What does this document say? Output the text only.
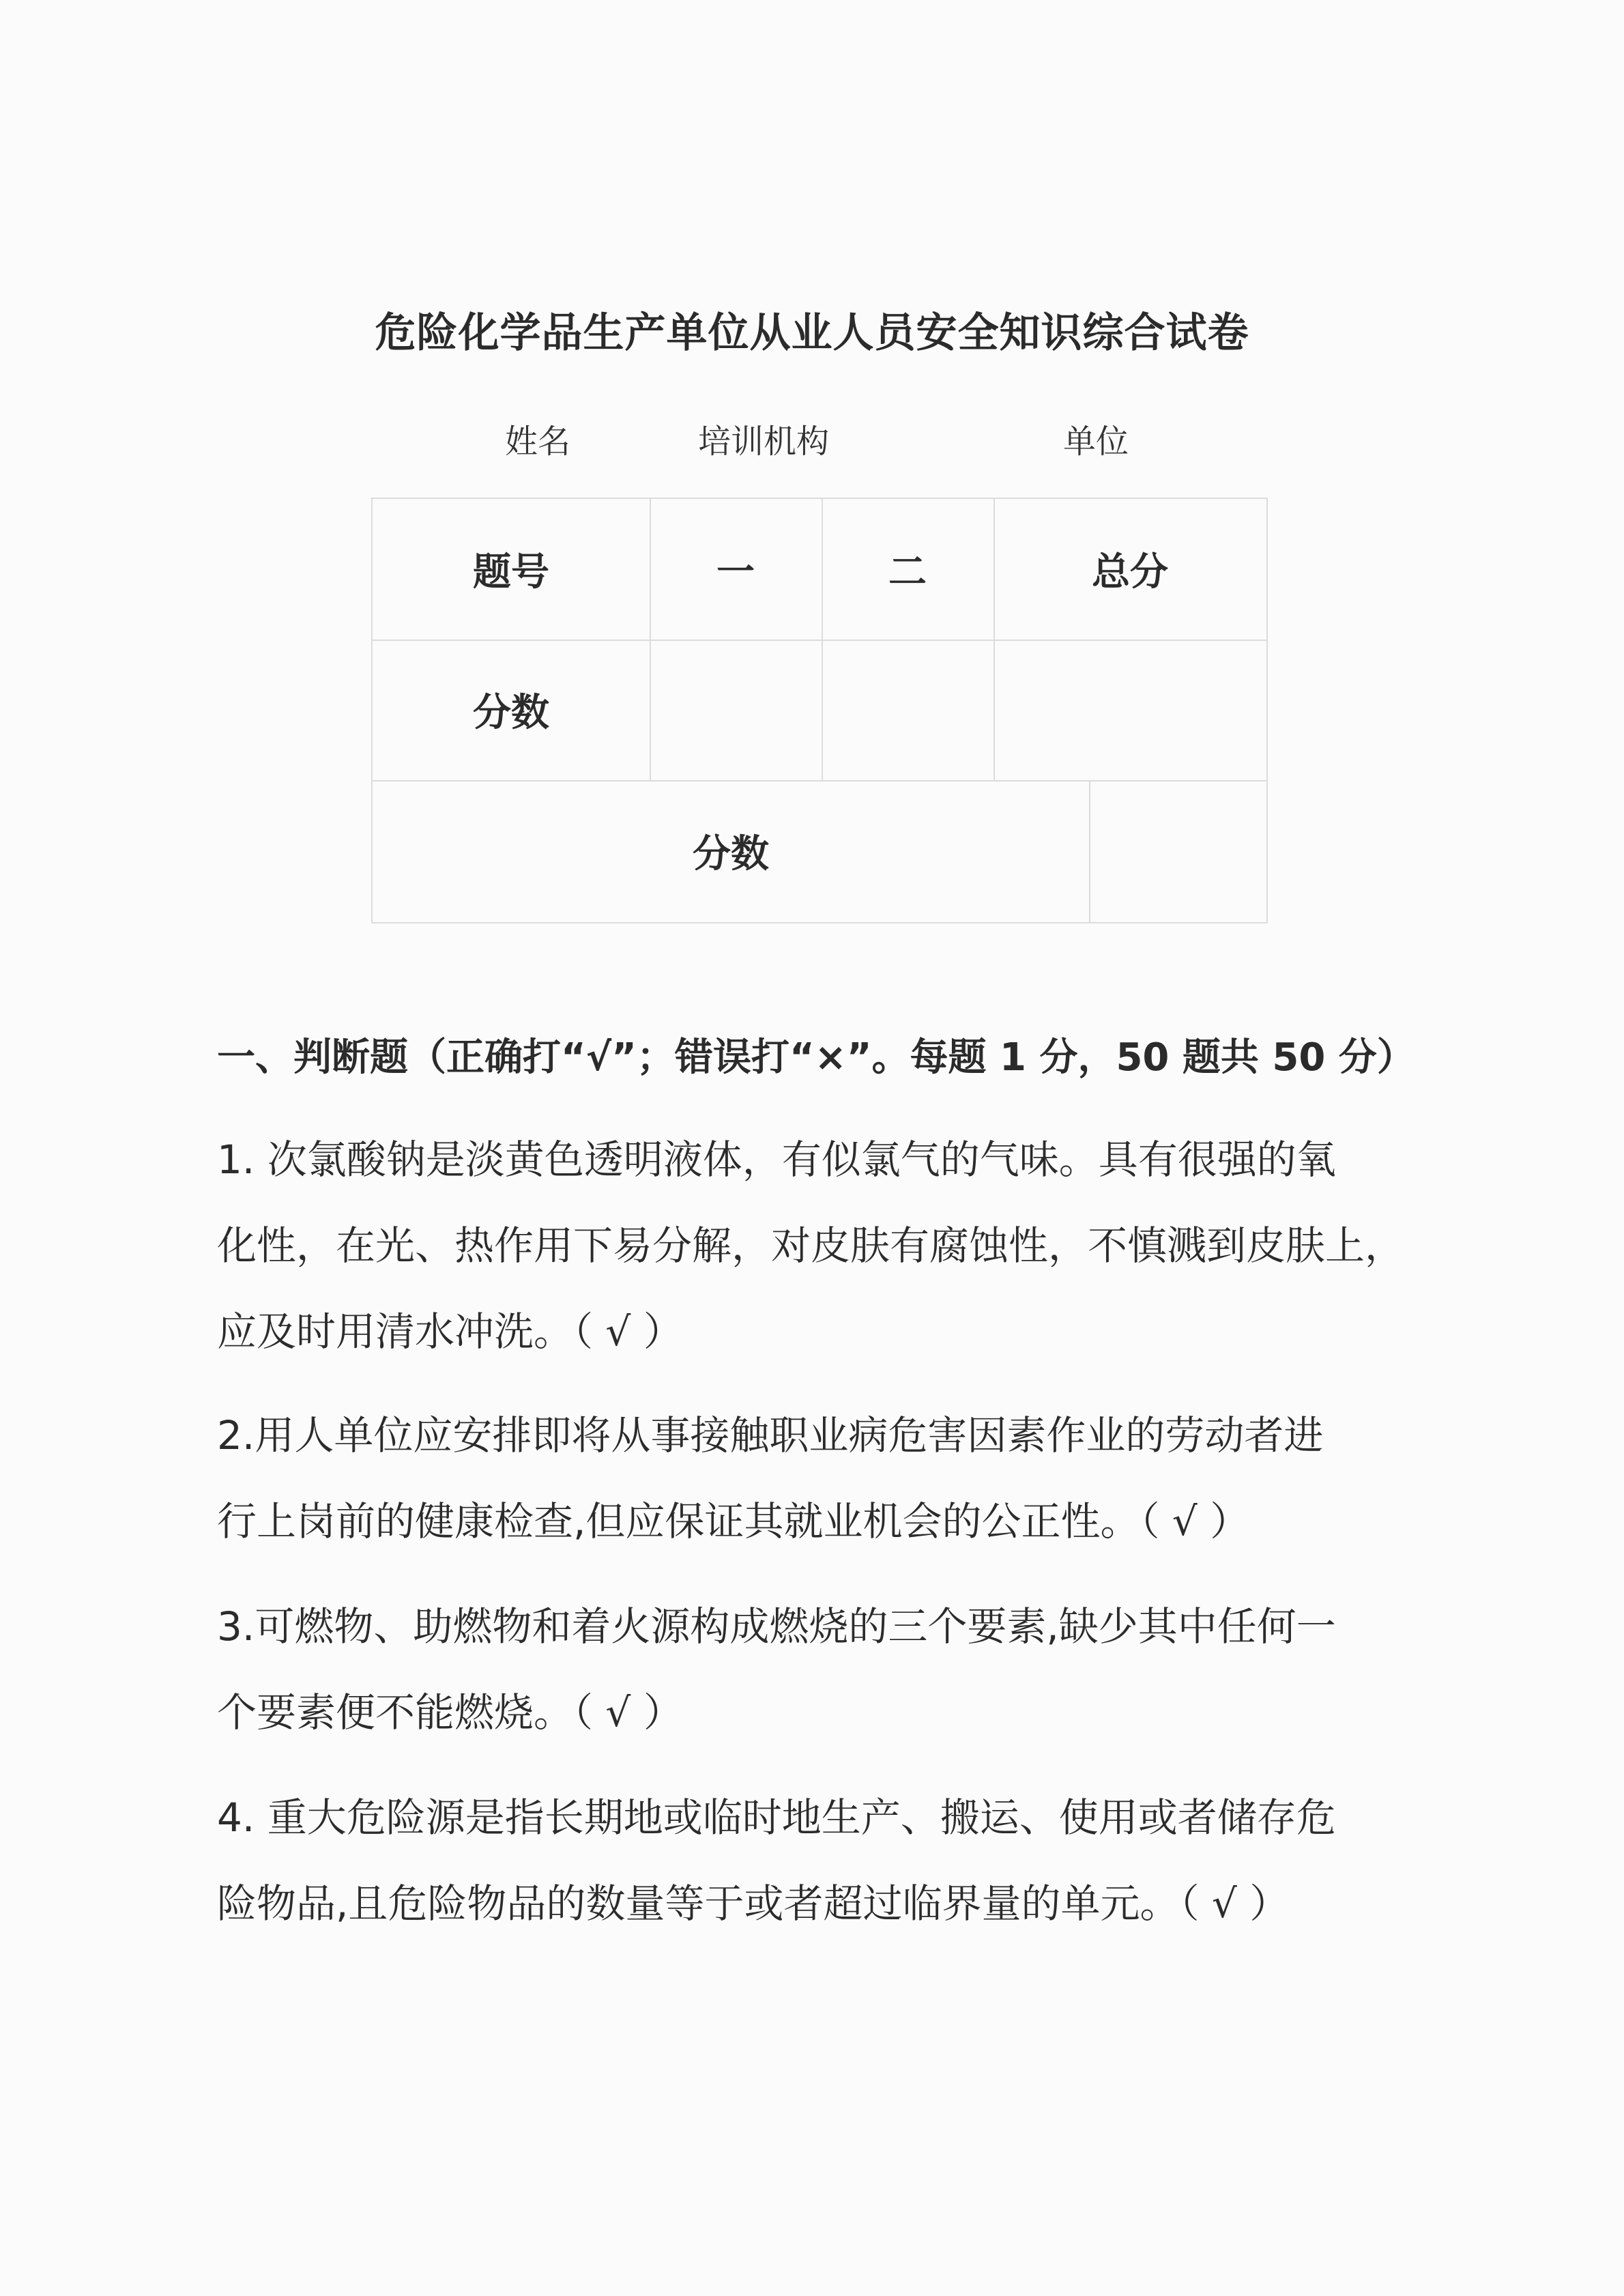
危险化学品生产单位从业人员安全知识综合试卷
姓名	培训机构	单位
题号	一	二	总分
分数
分数
一、判断题（正确打“√”；错误打“×”。每题 1 分，50 题共 50 分）
1. 次氯酸钠是淡黄色透明液体，有似氯气的气味。具有很强的氧
化性，在光、热作用下易分解，对皮肤有腐蚀性，不慎溅到皮肤上，
应及时用清水冲洗。（ √ ）
2.用人单位应安排即将从事接触职业病危害因素作业的劳动者进
行上岗前的健康检查,但应保证其就业机会的公正性。（ √ ）
3.可燃物、助燃物和着火源构成燃烧的三个要素,缺少其中任何一
个要素便不能燃烧。（ √ ）
4. 重大危险源是指长期地或临时地生产、搬运、使用或者储存危
险物品,且危险物品的数量等于或者超过临界量的单元。（ √ ）
